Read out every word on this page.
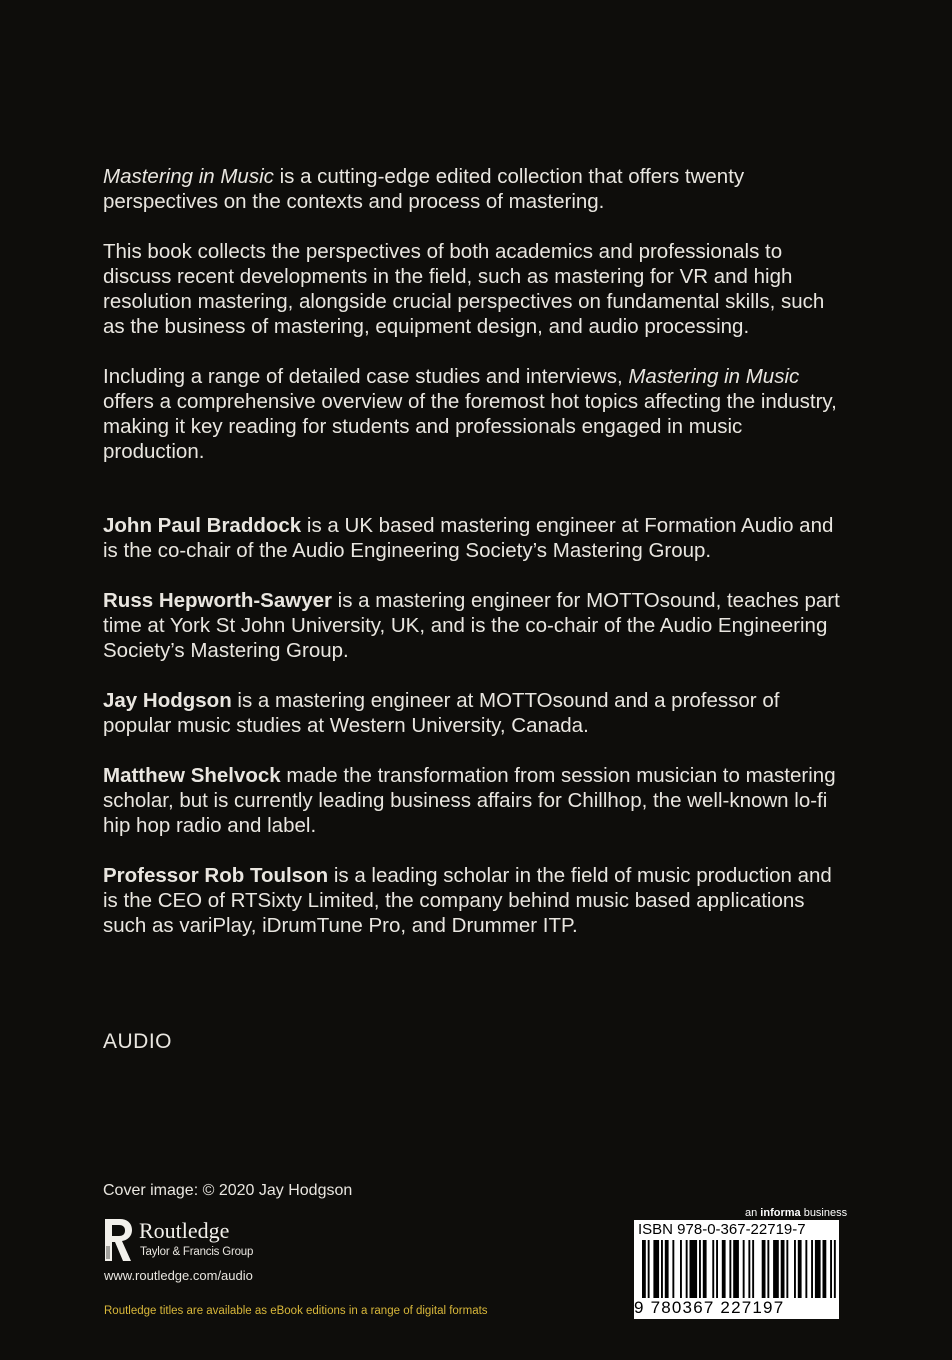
Mastering in Music is a cutting-edge edited collection that offers twenty perspectives on the contexts and process of mastering.

This book collects the perspectives of both academics and professionals to discuss recent developments in the field, such as mastering for VR and high resolution mastering, alongside crucial perspectives on fundamental skills, such as the business of mastering, equipment design, and audio processing.

Including a range of detailed case studies and interviews, Mastering in Music offers a comprehensive overview of the foremost hot topics affecting the industry, making it key reading for students and professionals engaged in music production.

John Paul Braddock is a UK based mastering engineer at Formation Audio and is the co-chair of the Audio Engineering Society’s Mastering Group.

Russ Hepworth-Sawyer is a mastering engineer for MOTTOsound, teaches part time at York St John University, UK, and is the co-chair of the Audio Engineering Society’s Mastering Group.

Jay Hodgson is a mastering engineer at MOTTOsound and a professor of popular music studies at Western University, Canada.

Matthew Shelvock made the transformation from session musician to mastering scholar, but is currently leading business affairs for Chillhop, the well-known lo-fi hip hop radio and label.

Professor Rob Toulson is a leading scholar in the field of music production and is the CEO of RTSixty Limited, the company behind music based applications such as variPlay, iDrumTune Pro, and Drummer ITP.

AUDIO
Cover image: © 2020 Jay Hodgson
Routledge
Taylor & Francis Group
www.routledge.com/audio
Routledge titles are available as eBook editions in a range of digital formats
an informa business
ISBN 978-0-367-22719-7
9 780367 227197
